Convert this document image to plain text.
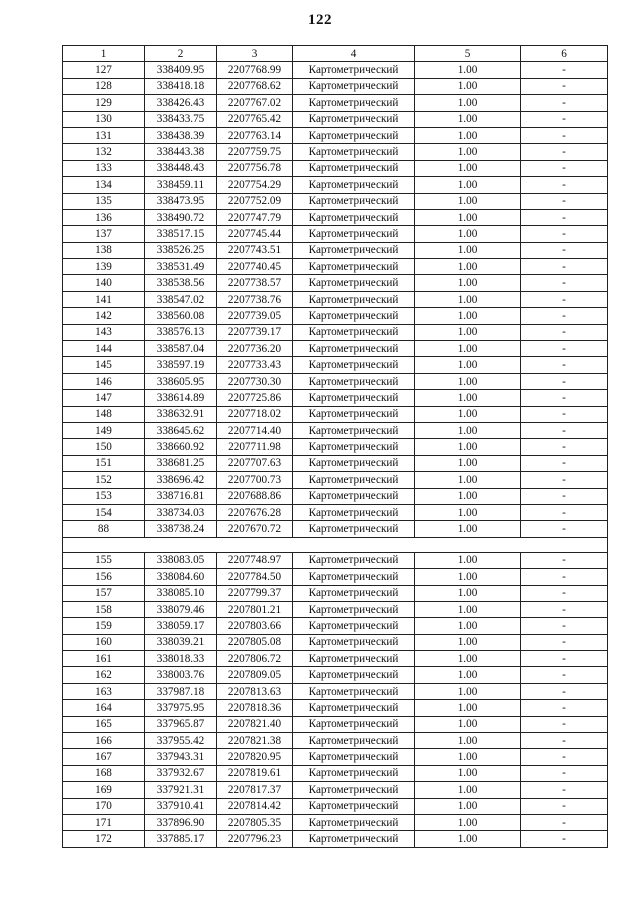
122
1	2	3	4	5	6
127	338409.95	2207768.99	Картометрический	1.00	-
128	338418.18	2207768.62	Картометрический	1.00	-
129	338426.43	2207767.02	Картометрический	1.00	-
130	338433.75	2207765.42	Картометрический	1.00	-
131	338438.39	2207763.14	Картометрический	1.00	-
132	338443.38	2207759.75	Картометрический	1.00	-
133	338448.43	2207756.78	Картометрический	1.00	-
134	338459.11	2207754.29	Картометрический	1.00	-
135	338473.95	2207752.09	Картометрический	1.00	-
136	338490.72	2207747.79	Картометрический	1.00	-
137	338517.15	2207745.44	Картометрический	1.00	-
138	338526.25	2207743.51	Картометрический	1.00	-
139	338531.49	2207740.45	Картометрический	1.00	-
140	338538.56	2207738.57	Картометрический	1.00	-
141	338547.02	2207738.76	Картометрический	1.00	-
142	338560.08	2207739.05	Картометрический	1.00	-
143	338576.13	2207739.17	Картометрический	1.00	-
144	338587.04	2207736.20	Картометрический	1.00	-
145	338597.19	2207733.43	Картометрический	1.00	-
146	338605.95	2207730.30	Картометрический	1.00	-
147	338614.89	2207725.86	Картометрический	1.00	-
148	338632.91	2207718.02	Картометрический	1.00	-
149	338645.62	2207714.40	Картометрический	1.00	-
150	338660.92	2207711.98	Картометрический	1.00	-
151	338681.25	2207707.63	Картометрический	1.00	-
152	338696.42	2207700.73	Картометрический	1.00	-
153	338716.81	2207688.86	Картометрический	1.00	-
154	338734.03	2207676.28	Картометрический	1.00	-
88	338738.24	2207670.72	Картометрический	1.00	-

155	338083.05	2207748.97	Картометрический	1.00	-
156	338084.60	2207784.50	Картометрический	1.00	-
157	338085.10	2207799.37	Картометрический	1.00	-
158	338079.46	2207801.21	Картометрический	1.00	-
159	338059.17	2207803.66	Картометрический	1.00	-
160	338039.21	2207805.08	Картометрический	1.00	-
161	338018.33	2207806.72	Картометрический	1.00	-
162	338003.76	2207809.05	Картометрический	1.00	-
163	337987.18	2207813.63	Картометрический	1.00	-
164	337975.95	2207818.36	Картометрический	1.00	-
165	337965.87	2207821.40	Картометрический	1.00	-
166	337955.42	2207821.38	Картометрический	1.00	-
167	337943.31	2207820.95	Картометрический	1.00	-
168	337932.67	2207819.61	Картометрический	1.00	-
169	337921.31	2207817.37	Картометрический	1.00	-
170	337910.41	2207814.42	Картометрический	1.00	-
171	337896.90	2207805.35	Картометрический	1.00	-
172	337885.17	2207796.23	Картометрический	1.00	-
